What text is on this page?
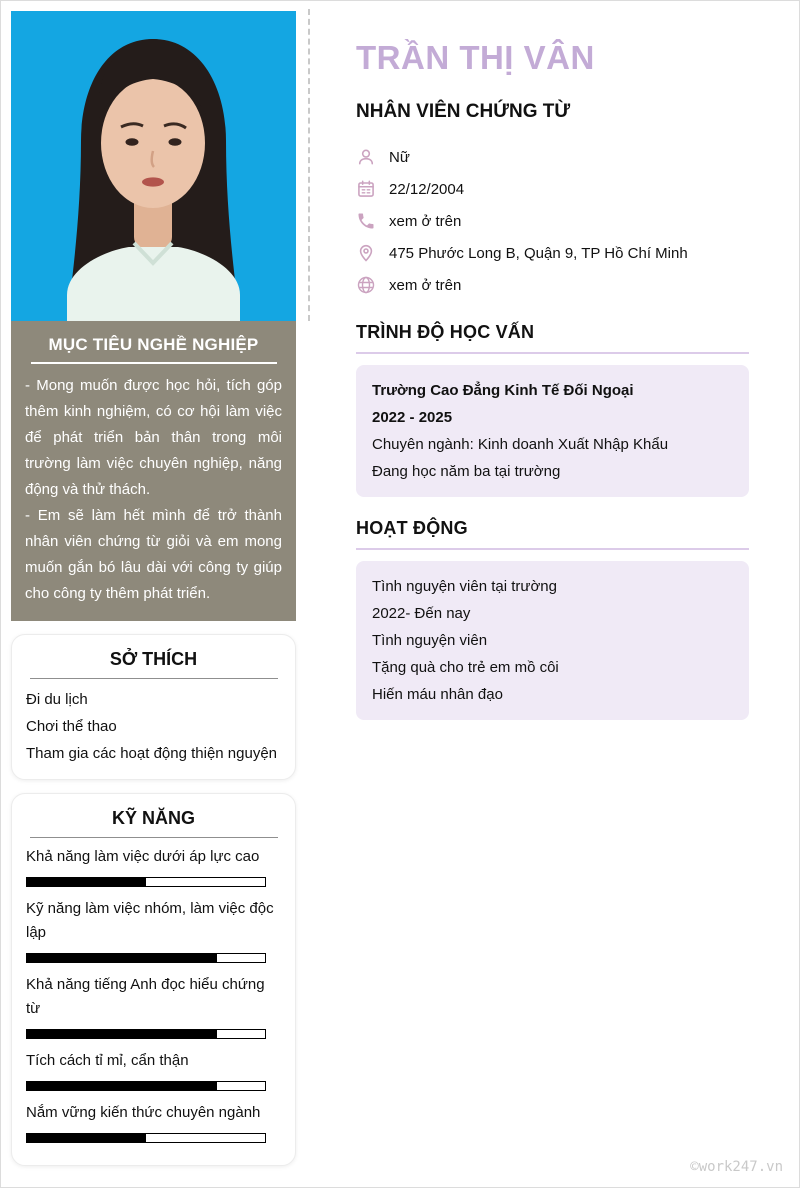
MỤC TIÊU NGHỀ NGHIỆP

- Mong muốn được học hỏi, tích góp thêm kinh nghiệm, có cơ hội làm việc để phát triển bản thân trong môi trường làm việc chuyên nghiệp, năng động và thử thách.

- Em sẽ làm hết mình để trở thành nhân viên chứng từ giỏi và em mong muốn gắn bó lâu dài với công ty giúp cho công ty thêm phát triển.

SỞ THÍCH
Đi du lịch
Chơi thể thao
Tham gia các hoạt động thiện nguyện
KỸ NĂNG
Khả năng làm việc dưới áp lực cao
Kỹ năng làm việc nhóm, làm việc độc lập
Khả năng tiếng Anh đọc hiểu chứng từ
Tích cách tỉ mỉ, cẩn thận
Nắm vững kiến thức chuyên ngành
TRẦN THỊ VÂN
NHÂN VIÊN CHỨNG TỪ
Nữ
22/12/2004
xem ở trên
475 Phước Long B, Quận 9, TP Hồ Chí Minh
xem ở trên
TRÌNH ĐỘ HỌC VẤN

Trường Cao Đẳng Kinh Tế Đối Ngoại

2022 - 2025

Chuyên ngành: Kinh doanh Xuất Nhập Khẩu

Đang học năm ba tại trường

HOẠT ĐỘNG

Tình nguyện viên tại trường

2022- Đến nay

Tình nguyện viên

Tặng quà cho trẻ em mồ côi

Hiến máu nhân đạo

©work247.vn
